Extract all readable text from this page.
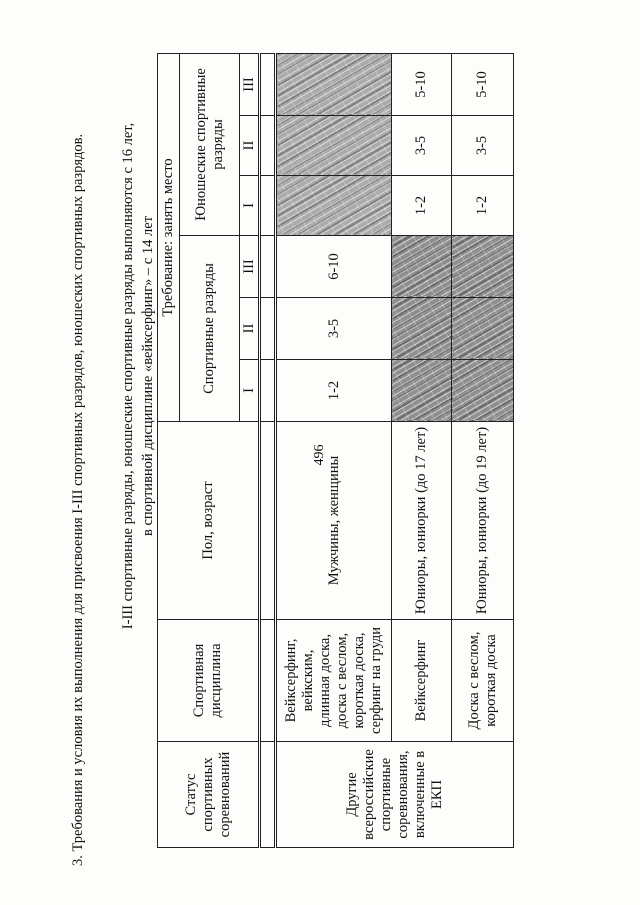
496
3. Требования и условия их выполнения для присвоения I-III спортивных разрядов, юношеских спортивных разрядов. I-III спортивные разряды, юношеские спортивные разряды выполняются с 16 лет, в спортивной дисциплине «вейксерфинг» – с 14 лет
Статус спортивных соревнований	Спортивная дисциплина	Пол, возраст	Требование: занять место					
			Спортивные разряды			Юношеские спортивные разряды		
			I	II	III	I	II	III

Другие всероссийские спортивные соревнования, включенные в ЕКП	Вейксерфинг, вейкским, длинная доска, доска с веслом, короткая доска, серфинг на груди	Мужчины, женщины	1-2	3-5	6-10			
	Вейксерфинг	Юниоры, юниорки (до 17 лет)				1-2	3-5	5-10
	Доска с веслом, короткая доска	Юниоры, юниорки (до 19 лет)				1-2	3-5	5-10
